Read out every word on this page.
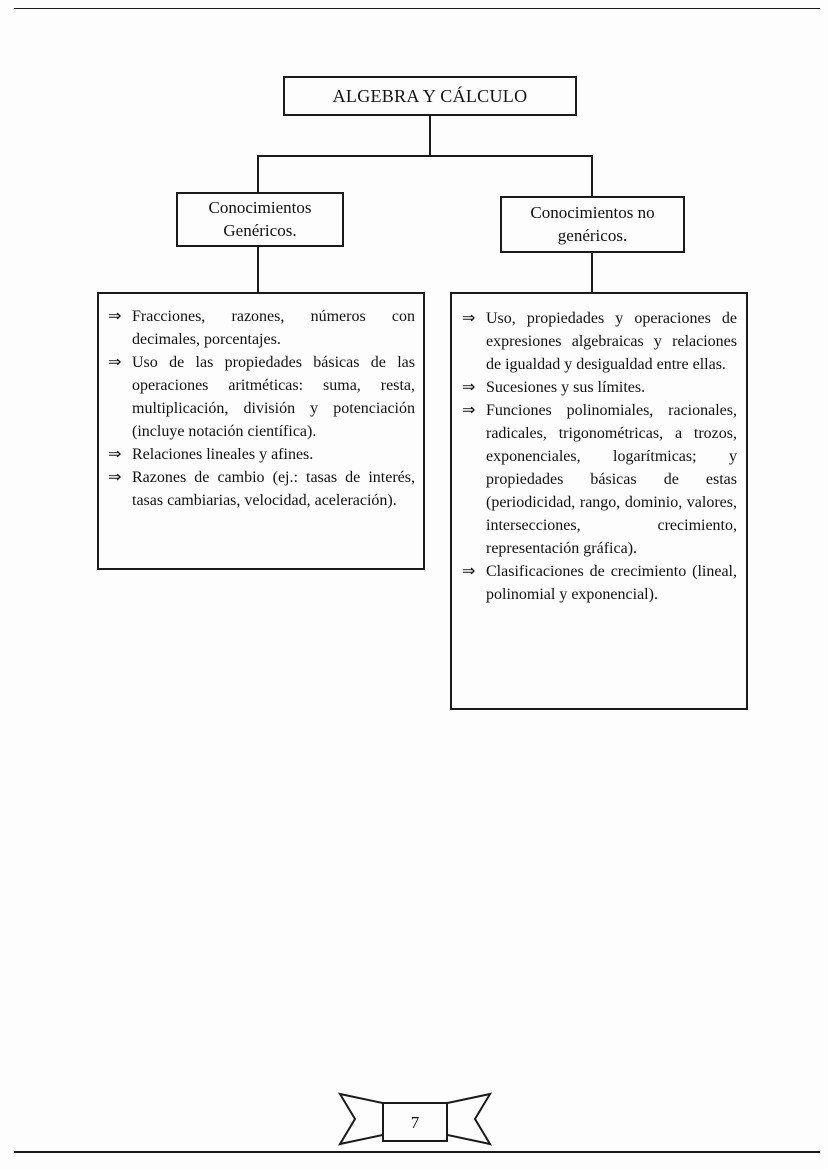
ALGEBRA Y CÁLCULO
Conocimientos Genéricos.
Conocimientos no genéricos.
⇒ Fracciones, razones, números con decimales, porcentajes.
⇒ Uso de las propiedades básicas de las operaciones aritméticas: suma, resta, multiplicación, división y potenciación (incluye notación científica).
⇒ Relaciones lineales y afines.
⇒ Razones de cambio (ej.: tasas de interés, tasas cambiarias, velocidad, aceleración).
⇒ Uso, propiedades y operaciones de expresiones algebraicas y relaciones de igualdad y desigualdad entre ellas.
⇒ Sucesiones y sus límites.
⇒ Funciones polinomiales, racionales, radicales, trigonométricas, a trozos, exponenciales, logarítmicas; y propiedades básicas de estas (periodicidad, rango, dominio, valores, intersecciones, crecimiento, representación gráfica).
⇒ Clasificaciones de crecimiento (lineal, polinomial y exponencial).
7
